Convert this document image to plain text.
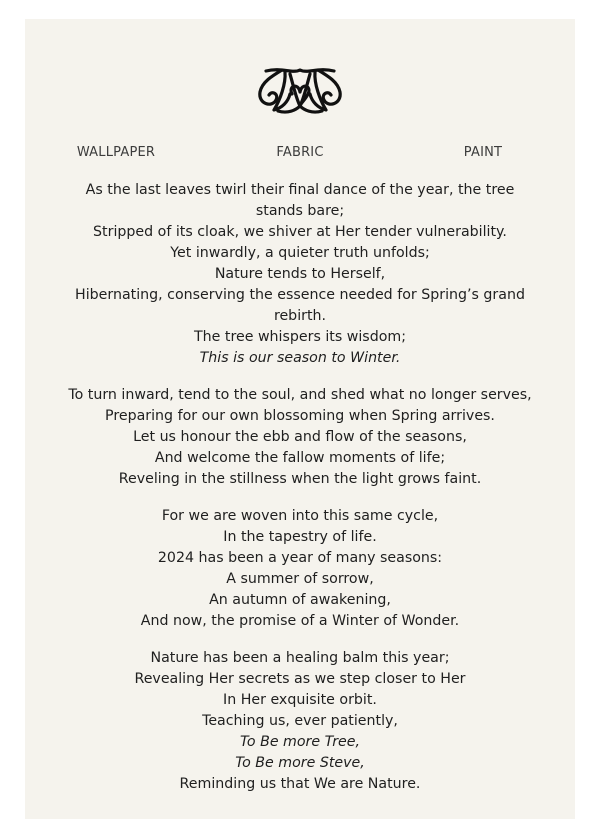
WALLPAPER	FABRIC	PAINT
As the last leaves twirl their final dance of the year, the tree stands bare;
Stripped of its cloak, we shiver at Her tender vulnerability.
Yet inwardly, a quieter truth unfolds;
Nature tends to Herself,
Hibernating, conserving the essence needed for Spring’s grand rebirth.
The tree whispers its wisdom;
This is our season to Winter.
To turn inward, tend to the soul, and shed what no longer serves,
Preparing for our own blossoming when Spring arrives.
Let us honour the ebb and flow of the seasons,
And welcome the fallow moments of life;
Reveling in the stillness when the light grows faint.
For we are woven into this same cycle,
In the tapestry of life.
2024 has been a year of many seasons:
A summer of sorrow,
An autumn of awakening,
And now, the promise of a Winter of Wonder.
Nature has been a healing balm this year;
Revealing Her secrets as we step closer to Her
In Her exquisite orbit.
Teaching us, ever patiently,
To Be more Tree,
To Be more Steve,
Reminding us that We are Nature.
